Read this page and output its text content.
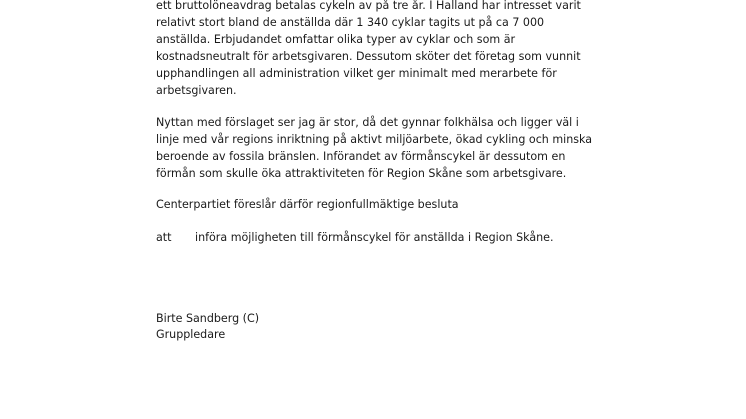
ett bruttolöneavdrag betalas cykeln av på tre år. I Halland har intresset varit
relativt stort bland de anställda där 1 340 cyklar tagits ut på ca 7 000
anställda. Erbjudandet omfattar olika typer av cyklar och som är
kostnadsneutralt för arbetsgivaren. Dessutom sköter det företag som vunnit
upphandlingen all administration vilket ger minimalt med merarbete för
arbetsgivaren.
Nyttan med förslaget ser jag är stor, då det gynnar folkhälsa och ligger väl i
linje med vår regions inriktning på aktivt miljöarbete, ökad cykling och minska
beroende av fossila bränslen. Införandet av förmånscykel är dessutom en
förmån som skulle öka attraktiviteten för Region Skåne som arbetsgivare.
Centerpartiet föreslår därför regionfullmäktige besluta
att införa möjligheten till förmånscykel för anställda i Region Skåne.
Birte Sandberg (C)
Gruppledare
